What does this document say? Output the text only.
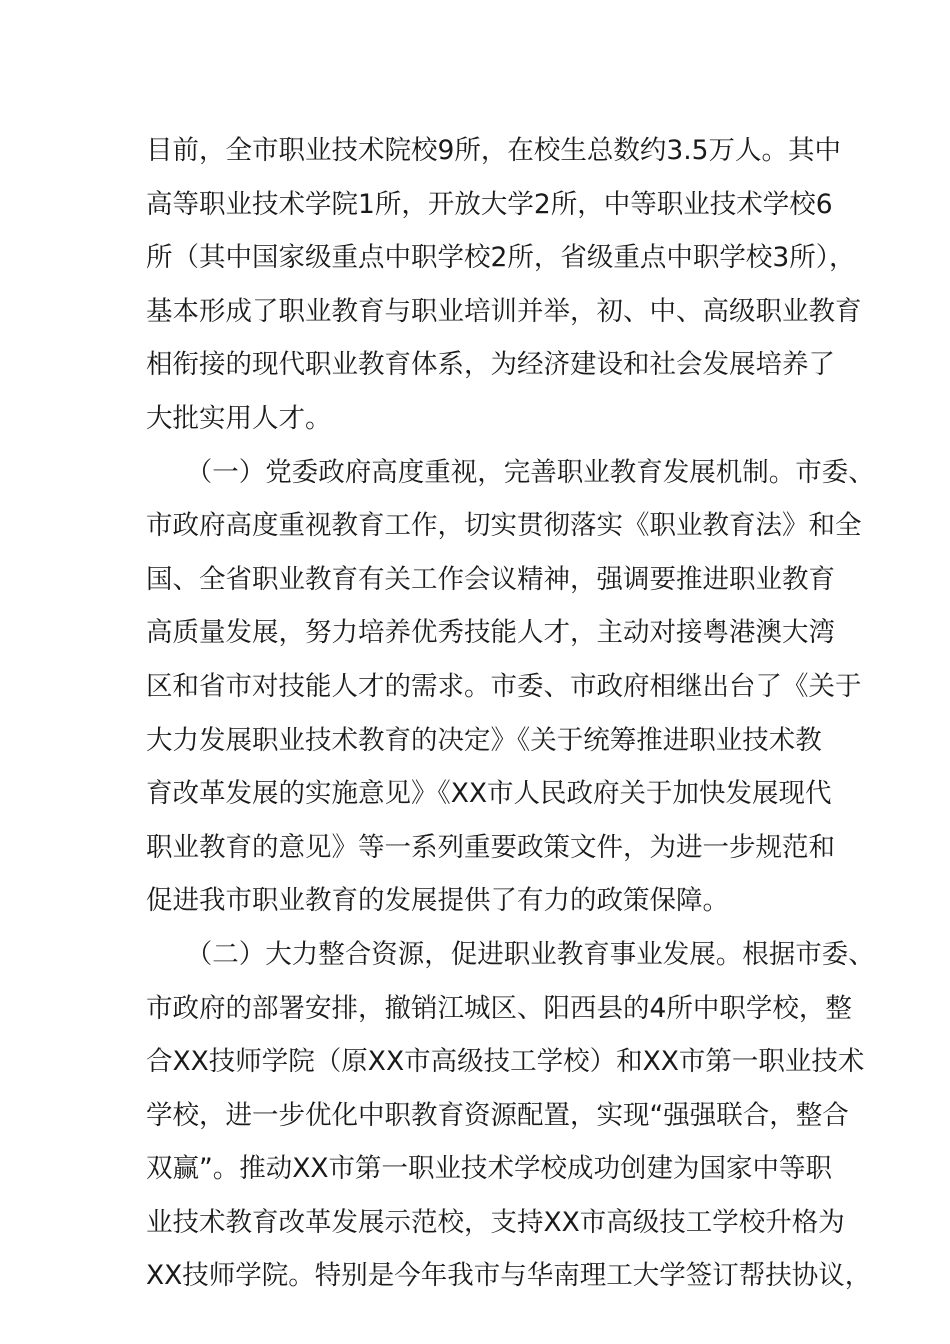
目前，全市职业技术院校9所，在校生总数约3.5万人。其中
高等职业技术学院1所，开放大学2所，中等职业技术学校6
所（其中国家级重点中职学校2所，省级重点中职学校3所），
基本形成了职业教育与职业培训并举，初、中、高级职业教育
相衔接的现代职业教育体系，为经济建设和社会发展培养了
大批实用人才。
　　（一）党委政府高度重视，完善职业教育发展机制。市委、
市政府高度重视教育工作，切实贯彻落实《职业教育法》和全
国、全省职业教育有关工作会议精神，强调要推进职业教育
高质量发展，努力培养优秀技能人才，主动对接粤港澳大湾
区和省市对技能人才的需求。市委、市政府相继出台了《关于
大力发展职业技术教育的决定》《关于统筹推进职业技术教
育改革发展的实施意见》《XX市人民政府关于加快发展现代
职业教育的意见》等一系列重要政策文件，为进一步规范和
促进我市职业教育的发展提供了有力的政策保障。
　　（二）大力整合资源，促进职业教育事业发展。根据市委、
市政府的部署安排，撤销江城区、阳西县的4所中职学校，整
合XX技师学院（原XX市高级技工学校）和XX市第一职业技术
学校，进一步优化中职教育资源配置，实现“强强联合，整合
双赢”。推动XX市第一职业技术学校成功创建为国家中等职
业技术教育改革发展示范校，支持XX市高级技工学校升格为
XX技师学院。特别是今年我市与华南理工大学签订帮扶协议，
